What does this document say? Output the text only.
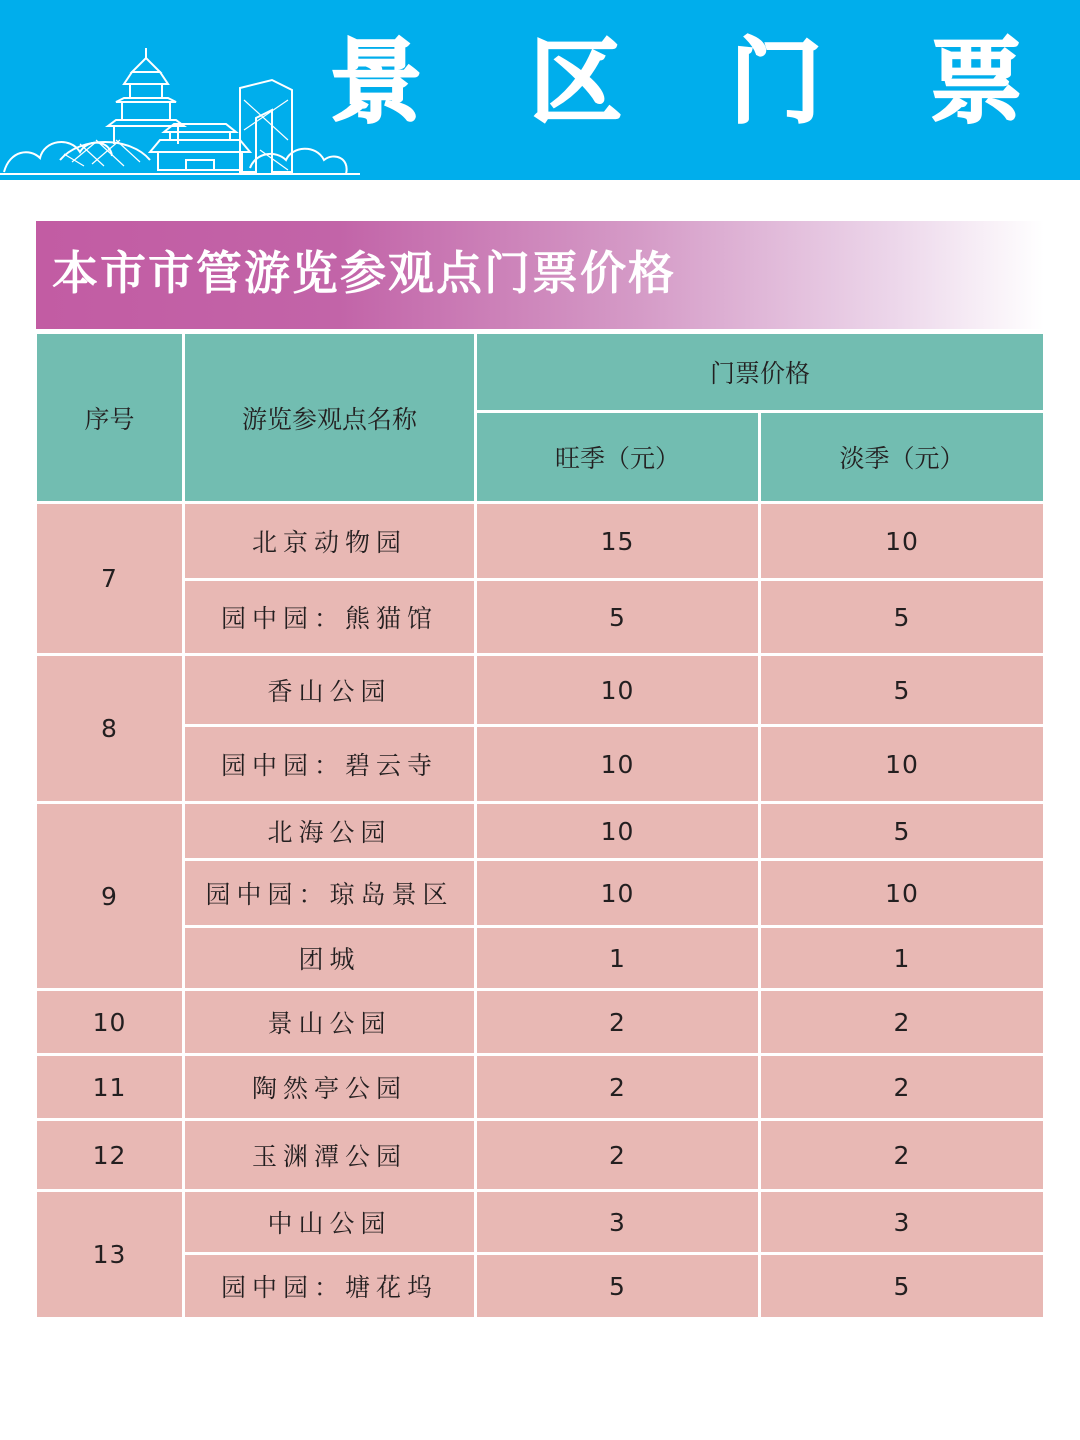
景 区 门 票
本市市管游览参观点门票价格
序号	游览参观点名称	门票价格	
		旺季（元）	淡季（元）
7	北京动物园	15	10
	园中园：熊猫馆	5	5
8	香山公园	10	5
	园中园：碧云寺	10	10
9	北海公园	10	5
	园中园：琼岛景区	10	10
	团城	1	1
10	景山公园	2	2
11	陶然亭公园	2	2
12	玉渊潭公园	2	2
13	中山公园	3	3
	园中园：塘花坞	5	5
